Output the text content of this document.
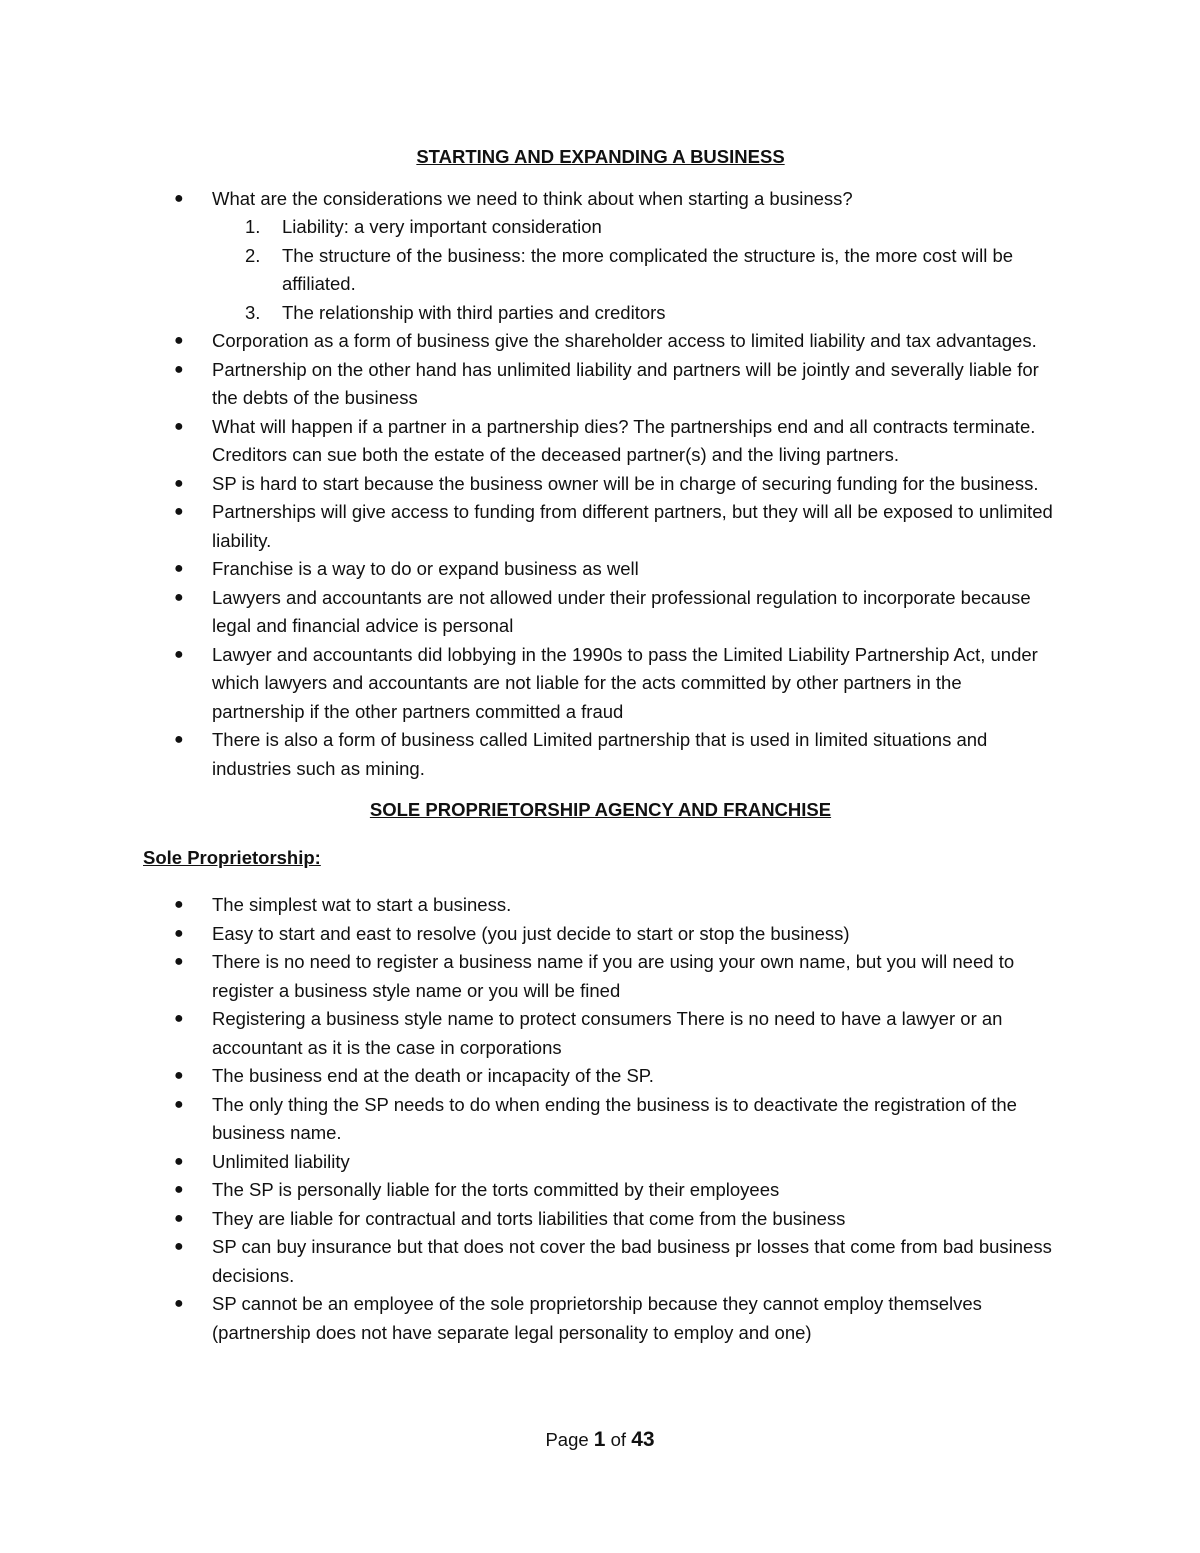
STARTING AND EXPANDING A BUSINESS
● What are the considerations we need to think about when starting a business?
1. Liability: a very important consideration
2. The structure of the business: the more complicated the structure is, the more cost will be affiliated.
3. The relationship with third parties and creditors
● Corporation as a form of business give the shareholder access to limited liability and tax advantages.
● Partnership on the other hand has unlimited liability and partners will be jointly and severally liable for the debts of the business
● What will happen if a partner in a partnership dies? The partnerships end and all contracts terminate. Creditors can sue both the estate of the deceased partner(s) and the living partners.
● SP is hard to start because the business owner will be in charge of securing funding for the business.
● Partnerships will give access to funding from different partners, but they will all be exposed to unlimited liability.
● Franchise is a way to do or expand business as well
● Lawyers and accountants are not allowed under their professional regulation to incorporate because legal and financial advice is personal
● Lawyer and accountants did lobbying in the 1990s to pass the Limited Liability Partnership Act, under which lawyers and accountants are not liable for the acts committed by other partners in the partnership if the other partners committed a fraud
● There is also a form of business called Limited partnership that is used in limited situations and industries such as mining.
SOLE PROPRIETORSHIP AGENCY AND FRANCHISE
Sole Proprietorship:
● The simplest wat to start a business.
● Easy to start and east to resolve (you just decide to start or stop the business)
● There is no need to register a business name if you are using your own name, but you will need to register a business style name or you will be fined
● Registering a business style name to protect consumers There is no need to have a lawyer or an accountant as it is the case in corporations
● The business end at the death or incapacity of the SP.
● The only thing the SP needs to do when ending the business is to deactivate the registration of the business name.
● Unlimited liability
● The SP is personally liable for the torts committed by their employees
● They are liable for contractual and torts liabilities that come from the business
● SP can buy insurance but that does not cover the bad business pr losses that come from bad business decisions.
● SP cannot be an employee of the sole proprietorship because they cannot employ themselves (partnership does not have separate legal personality to employ and one)
Page 1 of 43
